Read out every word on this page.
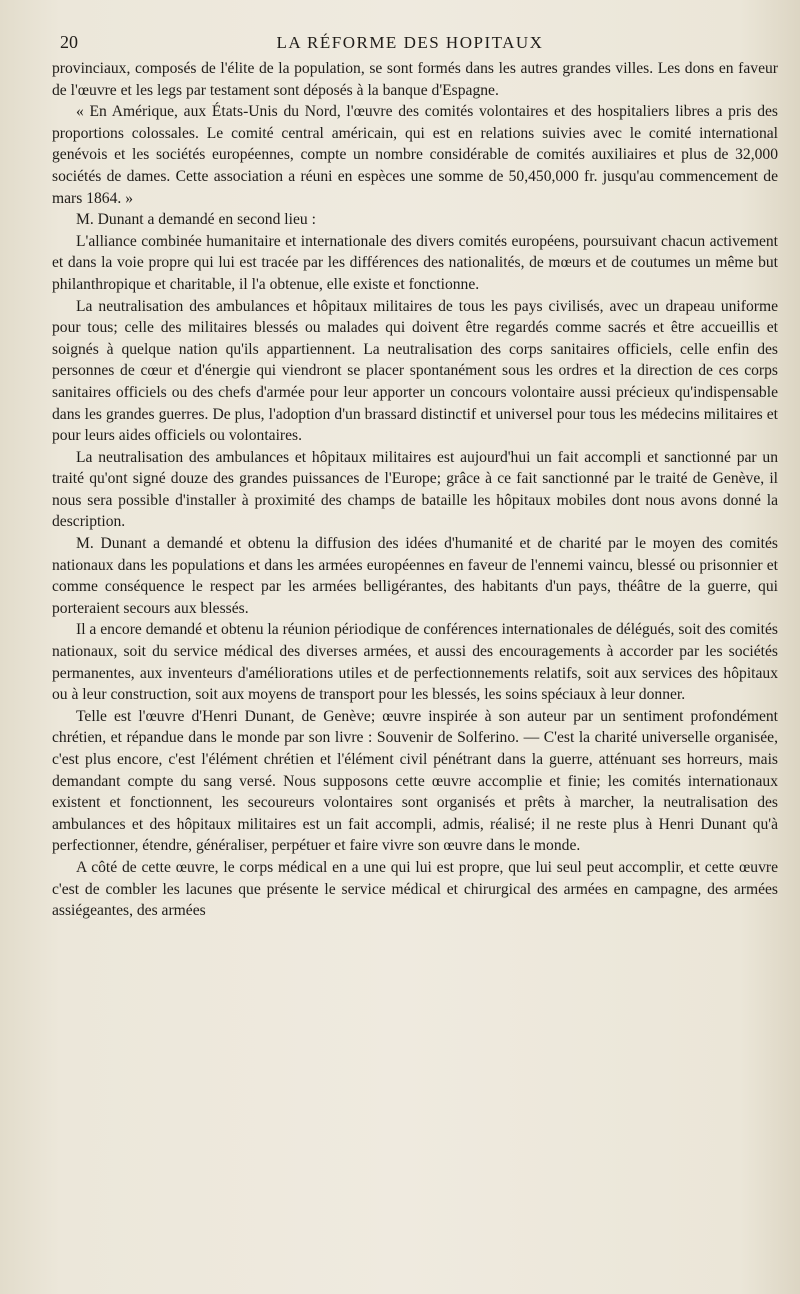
20	LA RÉFORME DES HOPITAUX

provinciaux, composés de l'élite de la population, se sont formés dans les autres grandes villes. Les dons en faveur de l'œuvre et les legs par testament sont déposés à la banque d'Espagne.

« En Amérique, aux États-Unis du Nord, l'œuvre des comités volontaires et des hospitaliers libres a pris des proportions colossales. Le comité central américain, qui est en relations suivies avec le comité international genévois et les sociétés européennes, compte un nombre considérable de comités auxiliaires et plus de 32,000 sociétés de dames. Cette association a réuni en espèces une somme de 50,450,000 fr. jusqu'au commencement de mars 1864. »

M. Dunant a demandé en second lieu :

L'alliance combinée humanitaire et internationale des divers comités européens, poursuivant chacun activement et dans la voie propre qui lui est tracée par les différences des nationalités, de mœurs et de coutumes un même but philanthropique et charitable, il l'a obtenue, elle existe et fonctionne.

La neutralisation des ambulances et hôpitaux militaires de tous les pays civilisés, avec un drapeau uniforme pour tous; celle des militaires blessés ou malades qui doivent être regardés comme sacrés et être accueillis et soignés à quelque nation qu'ils appartiennent. La neutralisation des corps sanitaires officiels, celle enfin des personnes de cœur et d'énergie qui viendront se placer spontanément sous les ordres et la direction de ces corps sanitaires officiels ou des chefs d'armée pour leur apporter un concours volontaire aussi précieux qu'indispensable dans les grandes guerres. De plus, l'adoption d'un brassard distinctif et universel pour tous les médecins militaires et pour leurs aides officiels ou volontaires.

La neutralisation des ambulances et hôpitaux militaires est aujourd'hui un fait accompli et sanctionné par un traité qu'ont signé douze des grandes puissances de l'Europe; grâce à ce fait sanctionné par le traité de Genève, il nous sera possible d'installer à proximité des champs de bataille les hôpitaux mobiles dont nous avons donné la description.

M. Dunant a demandé et obtenu la diffusion des idées d'humanité et de charité par le moyen des comités nationaux dans les populations et dans les armées européennes en faveur de l'ennemi vaincu, blessé ou prisonnier et comme conséquence le respect par les armées belligérantes, des habitants d'un pays, théâtre de la guerre, qui porteraient secours aux blessés.

Il a encore demandé et obtenu la réunion périodique de conférences internationales de délégués, soit des comités nationaux, soit du service médical des diverses armées, et aussi des encouragements à accorder par les sociétés permanentes, aux inventeurs d'améliorations utiles et de perfectionnements relatifs, soit aux services des hôpitaux ou à leur construction, soit aux moyens de transport pour les blessés, les soins spéciaux à leur donner.

Telle est l'œuvre d'Henri Dunant, de Genève; œuvre inspirée à son auteur par un sentiment profondément chrétien, et répandue dans le monde par son livre : Souvenir de Solferino. — C'est la charité universelle organisée, c'est plus encore, c'est l'élément chrétien et l'élément civil pénétrant dans la guerre, atténuant ses horreurs, mais demandant compte du sang versé. Nous supposons cette œuvre accomplie et finie; les comités internationaux existent et fonctionnent, les secoureurs volontaires sont organisés et prêts à marcher, la neutralisation des ambulances et des hôpitaux militaires est un fait accompli, admis, réalisé; il ne reste plus à Henri Dunant qu'à perfectionner, étendre, généraliser, perpétuer et faire vivre son œuvre dans le monde.

A côté de cette œuvre, le corps médical en a une qui lui est propre, que lui seul peut accomplir, et cette œuvre c'est de combler les lacunes que présente le service médical et chirurgical des armées en campagne, des armées assiégeantes, des armées
